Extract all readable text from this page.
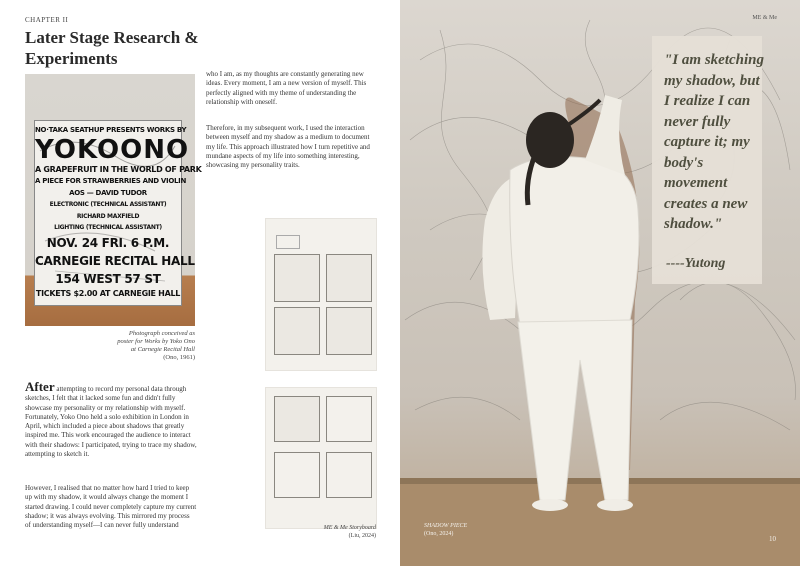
CHAPTER II
Later Stage Research & Experiments
NO·TAKA SEATHUP PRESENTS WORKS BY
YOKOONO
A GRAPEFRUIT IN THE WORLD OF PARK
A PIECE FOR STRAWBERRIES AND VIOLIN
AOS — DAVID TUDOR
ELECTRONIC (TECHNICAL ASSISTANT)
RICHARD MAXFIELD
LIGHTING (TECHNICAL ASSISTANT)
NOV. 24 FRI. 6 P.M.
CARNEGIE RECITAL HALL
154 WEST 57 ST
TICKETS $2.00 AT CARNEGIE HALL
Photograph conceived as poster for Works by Yoko Ono at Carnegie Recital Hall
(Ono, 1961)

who I am, as my thoughts are constantly generating new ideas. Every moment, I am a new version of myself. This perfectly aligned with my theme of understanding the relationship with oneself.

Therefore, in my subsequent work, I used the interaction between myself and my shadow as a medium to document my life. This approach illustrated how I turn repetitive and mundane aspects of my life into something interesting, showcasing my personality traits.

After attempting to record my personal data through sketches, I felt that it lacked some fun and didn't fully showcase my personality or my relationship with myself. Fortunately, Yoko Ono held a solo exhibition in London in April, which included a piece about shadows that greatly inspired me. This work encouraged the audience to interact with their shadows: I participated, trying to trace my shadow, attempting to sketch it.

However, I realised that no matter how hard I tried to keep up with my shadow, it would always change the moment I started drawing. I could never completely capture my current shadow; it was always evolving. This mirrored my process of understanding myself—I can never fully understand	ME & Me Storyboard
(Liu, 2024)
ME & Me

"I am sketching my shadow, but I realize I can never fully capture it; my body's movement creates a new shadow."

----Yutong
SHADOW PIECE
(Ono, 2024)
10
